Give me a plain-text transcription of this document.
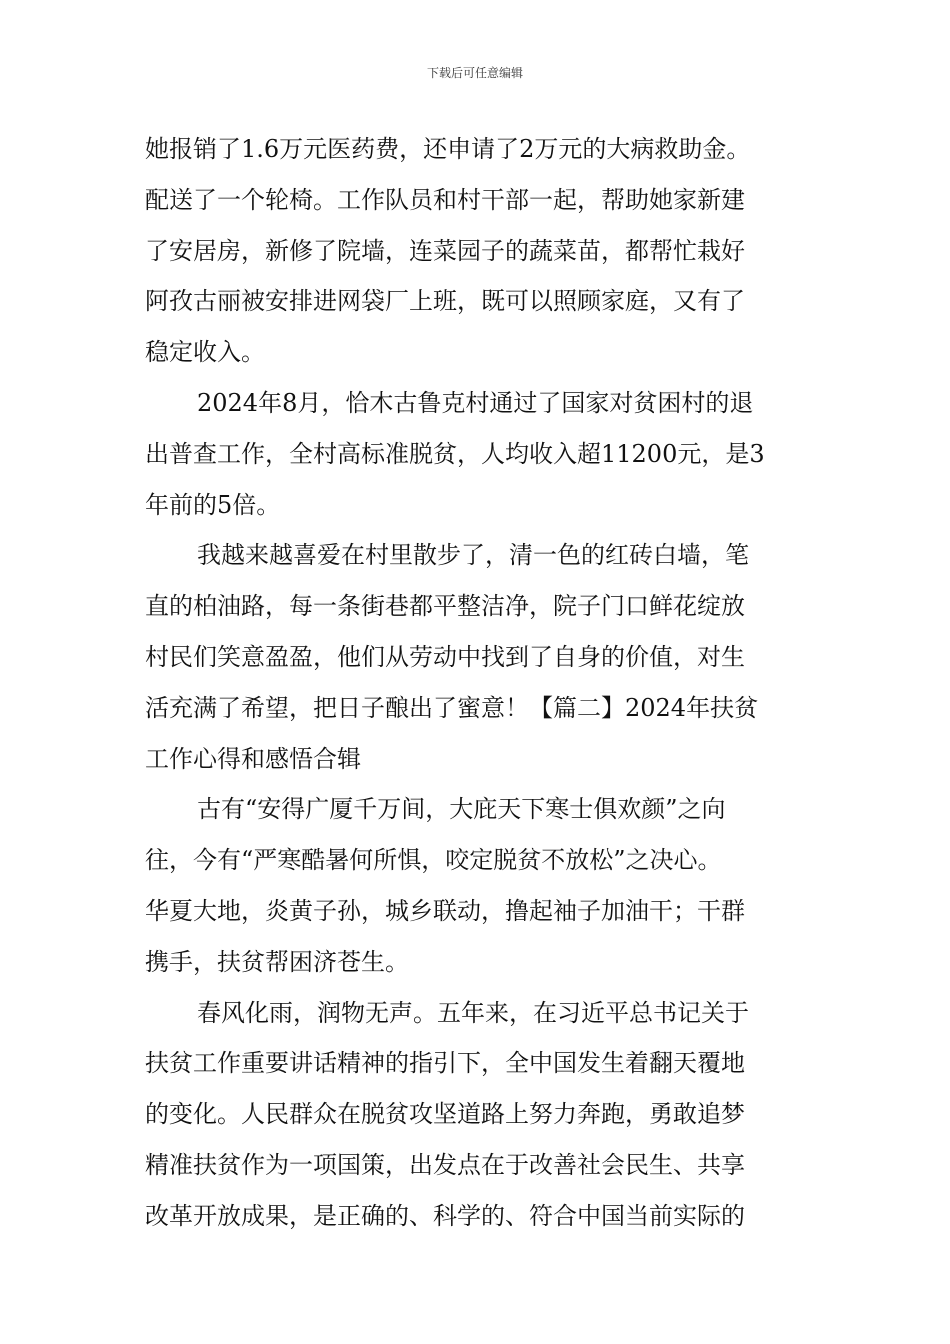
下载后可任意编辑
她报销了1.6万元医药费，还申请了2万元的大病救助金。
配送了一个轮椅。工作队员和村干部一起，帮助她家新建
了安居房，新修了院墙，连菜园子的蔬菜苗，都帮忙栽好
阿孜古丽被安排进网袋厂上班，既可以照顾家庭，又有了
稳定收入。
2024年8月，恰木古鲁克村通过了国家对贫困村的退
出普查工作，全村高标准脱贫，人均收入超11200元，是3
年前的5倍。
我越来越喜爱在村里散步了，清一色的红砖白墙，笔
直的柏油路，每一条街巷都平整洁净，院子门口鲜花绽放
村民们笑意盈盈，他们从劳动中找到了自身的价值，对生
活充满了希望，把日子酿出了蜜意！【篇二】2024年扶贫
工作心得和感悟合辑
古有“安得广厦千万间，大庇天下寒士俱欢颜”之向
往，今有“严寒酷暑何所惧，咬定脱贫不放松”之决心。
华夏大地，炎黄子孙，城乡联动，撸起袖子加油干；干群
携手，扶贫帮困济苍生。
春风化雨，润物无声。五年来，在习近平总书记关于
扶贫工作重要讲话精神的指引下，全中国发生着翻天覆地
的变化。人民群众在脱贫攻坚道路上努力奔跑，勇敢追梦
精准扶贫作为一项国策，出发点在于改善社会民生、共享
改革开放成果，是正确的、科学的、符合中国当前实际的
